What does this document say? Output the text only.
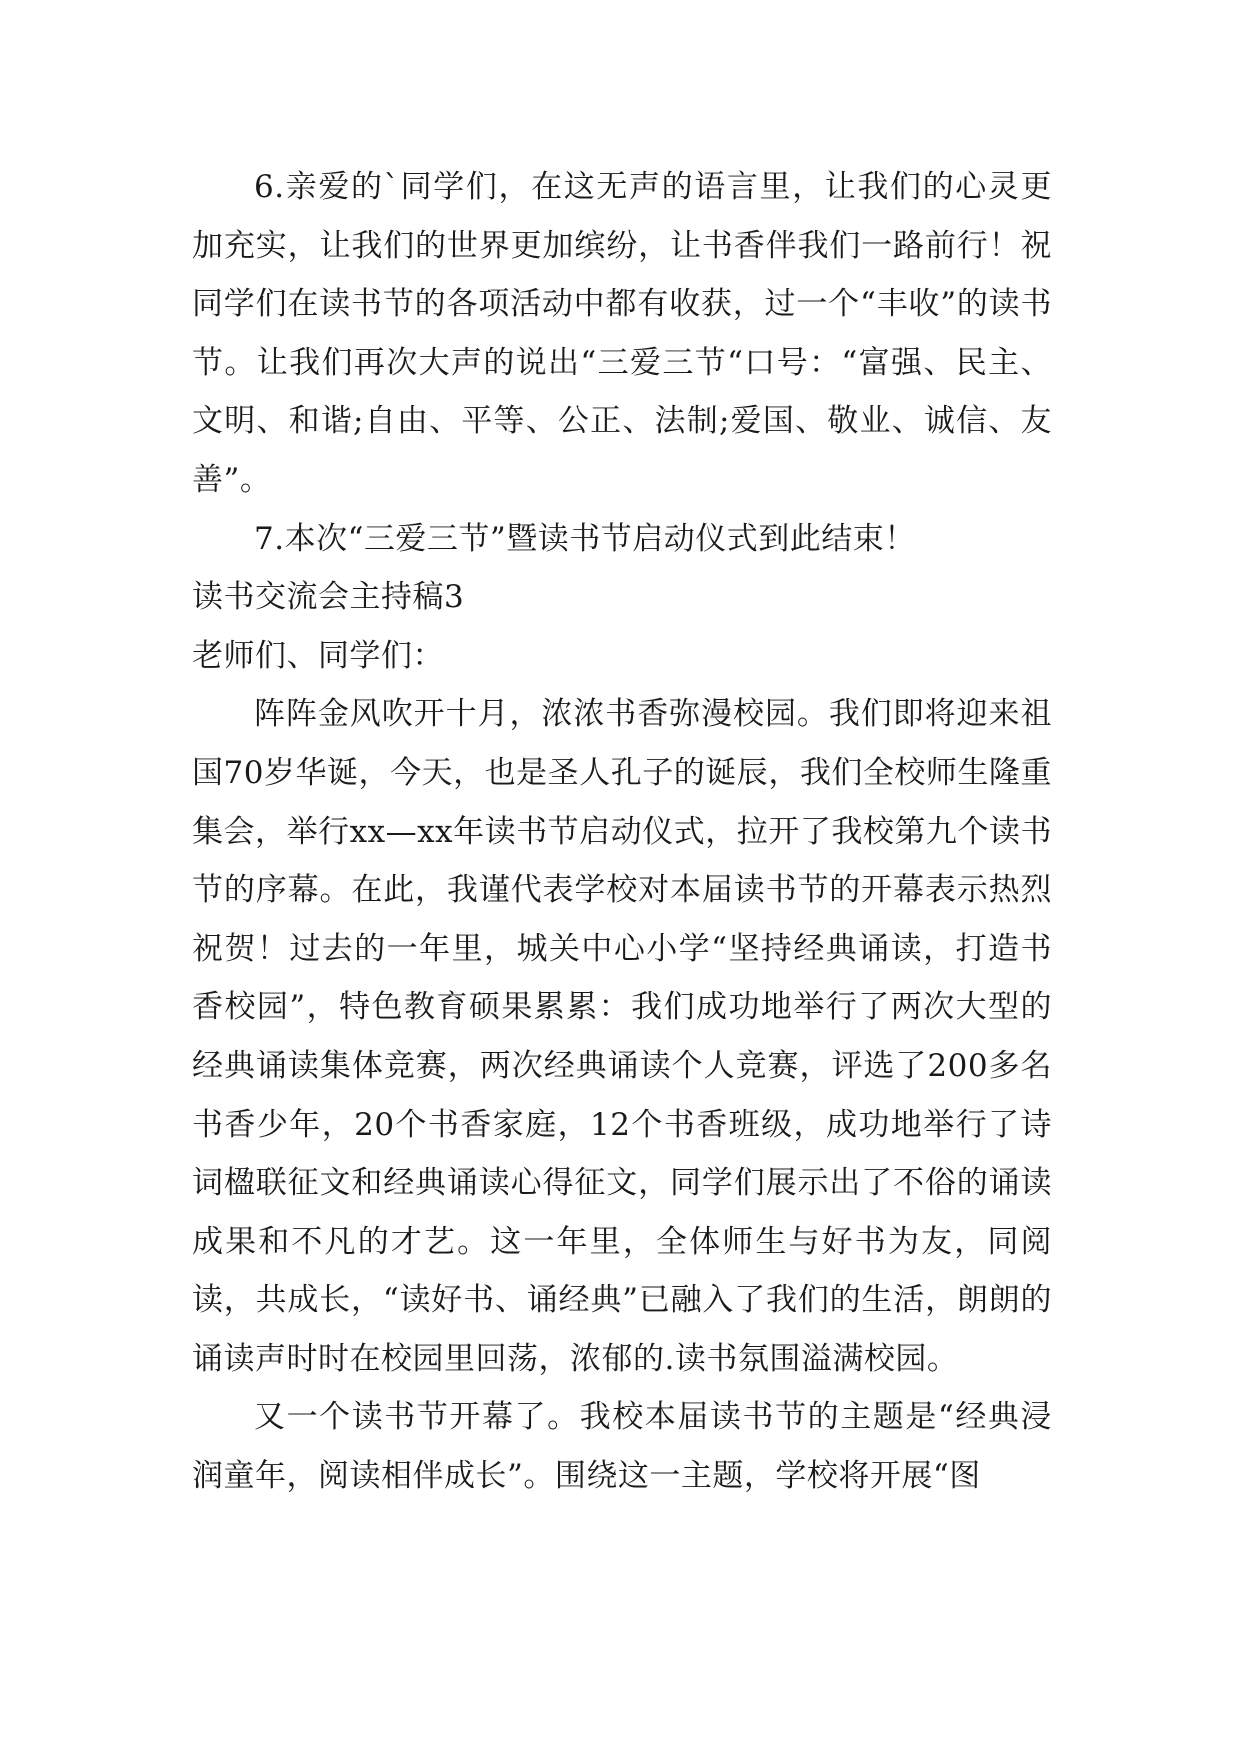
6.亲爱的`同学们，在这无声的语言里，让我们的心灵更加充实，让我们的世界更加缤纷，让书香伴我们一路前行！祝同学们在读书节的各项活动中都有收获，过一个“丰收”的读书节。让我们再次大声的说出“三爱三节“口号：“富强、民主、文明、和谐;自由、平等、公正、法制;爱国、敬业、诚信、友善”。

7.本次“三爱三节”暨读书节启动仪式到此结束！

读书交流会主持稿3

老师们、同学们：

阵阵金风吹开十月，浓浓书香弥漫校园。我们即将迎来祖国70岁华诞，今天，也是圣人孔子的诞辰，我们全校师生隆重集会，举行xx—xx年读书节启动仪式，拉开了我校第九个读书节的序幕。在此，我谨代表学校对本届读书节的开幕表示热烈祝贺！过去的一年里，城关中心小学“坚持经典诵读，打造书香校园”，特色教育硕果累累：我们成功地举行了两次大型的经典诵读集体竞赛，两次经典诵读个人竞赛，评选了200多名书香少年，20个书香家庭，12个书香班级，成功地举行了诗词楹联征文和经典诵读心得征文，同学们展示出了不俗的诵读成果和不凡的才艺。这一年里，全体师生与好书为友，同阅读，共成长，“读好书、诵经典”已融入了我们的生活，朗朗的诵读声时时在校园里回荡，浓郁的.读书氛围溢满校园。

又一个读书节开幕了。我校本届读书节的主题是“经典浸润童年，阅读相伴成长”。围绕这一主题，学校将开展“图
